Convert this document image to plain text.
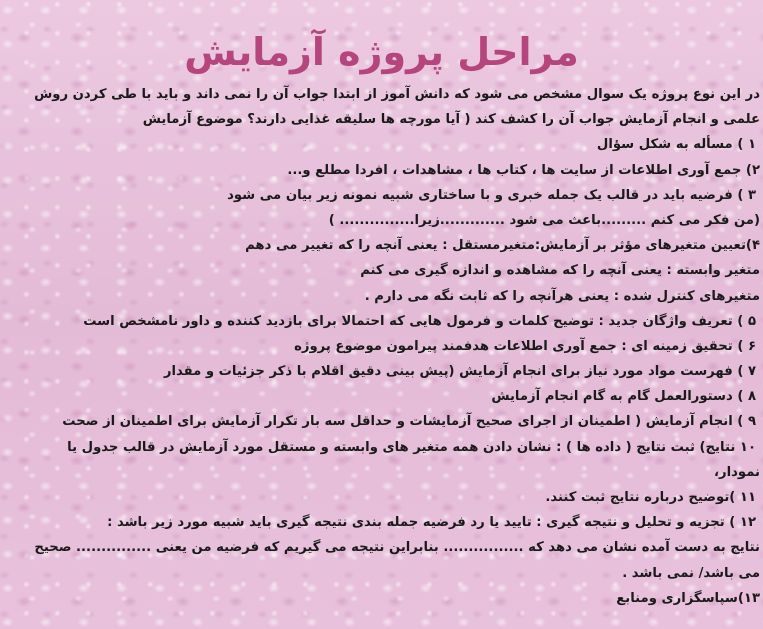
مراحل پروژه آزمایش
در این نوع پروژه یک سوال مشخص می شود که دانش آموز از ابتدا جواب آن را نمی داند و باید با طی کردن روش
علمی و انجام آزمایش جواب آن را کشف کند ( آیا مورچه ها سلیقه غذایی دارند؟ موضوع آزمایش
۱ ) مسأله به شکل سؤال
۲) جمع آوری اطلاعات از سایت ها ، کتاب ها ، مشاهدات ، افردا مطلع و...
۳ ) فرضیه باید در قالب یک جمله خبری و با ساختاری شبیه نمونه زیر بیان می شود
(من فکر می کنم .........باعث می شود .............زیرا............... )
۴)تعیین متغیرهای مؤثر بر آزمایش:متغیرمستقل : یعنی آنچه را که تغییر می دهم
متغیر وابسته : یعنی آنچه را که مشاهده و اندازه گیری می کنم
متغیرهای کنترل شده : یعنی هرآنچه را که ثابت نگه می دارم .
۵ ) تعریف واژگان جدید : توضیح کلمات و فرمول هایی که احتمالا برای بازدید کننده و داور نامشخص است
۶ ) تحقیق زمینه ای : جمع آوری اطلاعات هدفمند پیرامون موضوع پروژه
۷ ) فهرست مواد مورد نیاز برای انجام آزمایش (پیش بینی دقیق اقلام با ذکر جزئیات و مقدار
۸ ) دستورالعمل گام به گام انجام آزمایش
۹ ) انجام آزمایش ( اطمینان از اجرای صحیح آزمایشات و حداقل سه بار تکرار آزمایش برای اطمینان از صحت
۱۰ نتایج) ثبت نتایج ( داده ها ) : نشان دادن همه متغیر های وابسته و مستقل مورد آزمایش در قالب جدول یا
نمودار،
۱۱ )توضیح درباره نتایج ثبت کنند.
۱۲ ) تجزیه و تحلیل و نتیجه گیری : تایید یا رد فرضیه جمله بندی نتیجه گیری باید شبیه مورد زیر باشد :
نتایج به دست آمده نشان می دهد که ................ بنابراین نتیجه می گیریم که فرضیه من یعنی ............... صحیح
می باشد/ نمی باشد .
۱۳)سپاسگزاری ومنابع
